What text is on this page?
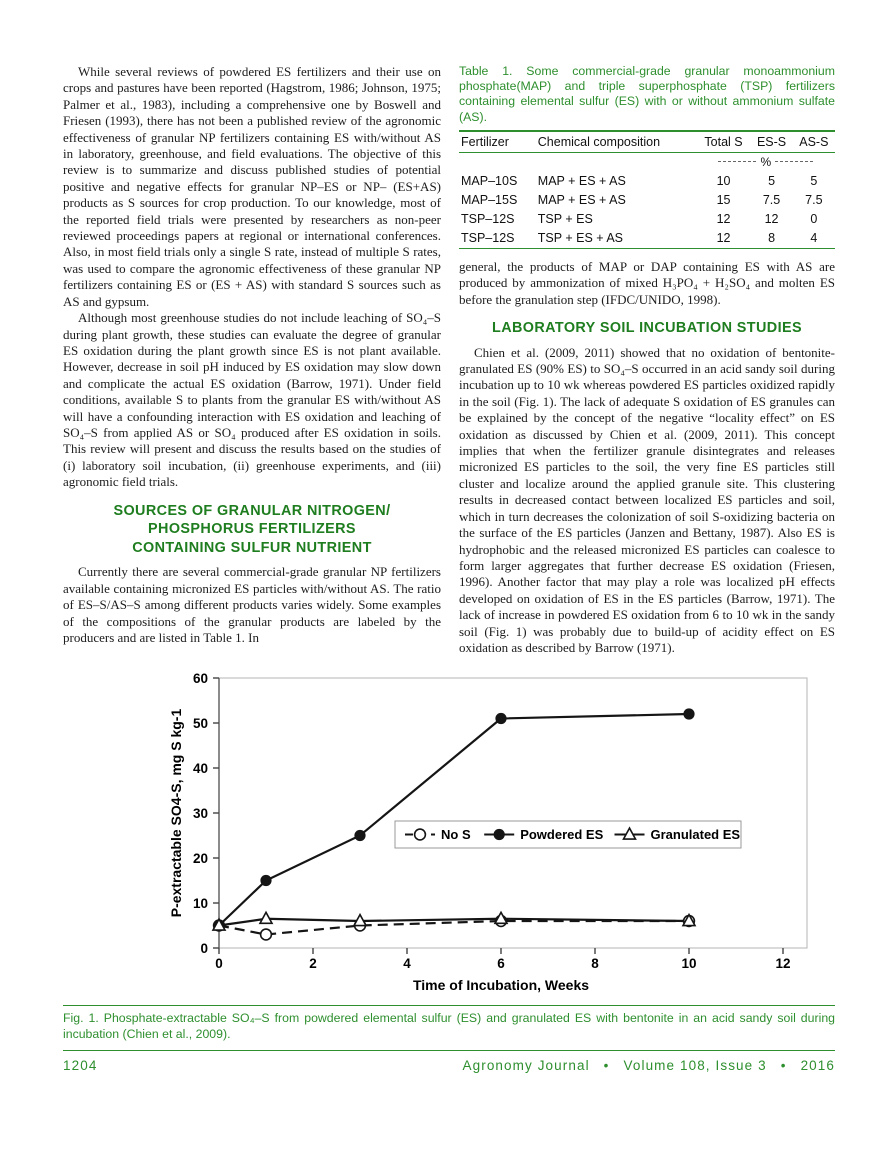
While several reviews of powdered ES fertilizers and their use on crops and pastures have been reported (Hagstrom, 1986; Johnson, 1975; Palmer et al., 1983), including a comprehensive one by Boswell and Friesen (1993), there has not been a published review of the agronomic effectiveness of granular NP fertilizers containing ES with/without AS in laboratory, greenhouse, and field evaluations. The objective of this review is to summarize and discuss published studies of potential positive and negative effects for granular NP–ES or NP– (ES+AS) products as S sources for crop production. To our knowledge, most of the reported field trials were presented by researchers as non-peer reviewed proceedings papers at regional or international conferences. Also, in most field trials only a single S rate, instead of multiple S rates, was used to compare the agronomic effectiveness of these granular NP fertilizers containing ES or (ES + AS) with standard S sources such as AS and gypsum.

Although most greenhouse studies do not include leaching of SO₄–S during plant growth, these studies can evaluate the degree of granular ES oxidation during the plant growth since ES is not plant available. However, decrease in soil pH induced by ES oxidation may slow down and complicate the actual ES oxidation (Barrow, 1971). Under field conditions, available S to plants from the granular ES with/without AS will have a confounding interaction with ES oxidation and leaching of SO₄–S from applied AS or SO₄ produced after ES oxidation in soils. This review will present and discuss the results based on the studies of (i) laboratory soil incubation, (ii) greenhouse experiments, and (iii) agronomic field trials.

SOURCES OF GRANULAR NITROGEN/
PHOSPHORUS FERTILIZERS
CONTAINING SULFUR NUTRIENT

Currently there are several commercial-grade granular NP fertilizers available containing micronized ES particles with/without AS. The ratio of ES–S/AS–S among different products varies widely. Some examples of the compositions of the granular products are labeled by the producers and are listed in Table 1. In

Table 1. Some commercial-grade granular monoammonium phosphate(MAP) and triple superphosphate (TSP) fertilizers containing elemental sulfur (ES) with or without ammonium sulfate (AS).

Fertilizer	Chemical composition	Total S	ES-S	AS-S
		%		
MAP–10S	MAP + ES + AS	10	5	5
MAP–15S	MAP + ES + AS	15	7.5	7.5
TSP–12S	TSP + ES	12	12	0
TSP–12S	TSP + ES + AS	12	8	4

general, the products of MAP or DAP containing ES with AS are produced by ammonization of mixed H₃PO₄ + H₂SO₄ and molten ES before the granulation step (IFDC/UNIDO, 1998).

LABORATORY SOIL INCUBATION STUDIES

Chien et al. (2009, 2011) showed that no oxidation of bentonite-granulated ES (90% ES) to SO₄–S occurred in an acid sandy soil during incubation up to 10 wk whereas powdered ES particles oxidized rapidly in the soil (Fig. 1). The lack of adequate S oxidation of ES granules can be explained by the concept of the negative “locality effect” on ES oxidation as discussed by Chien et al. (2009, 2011). This concept implies that when the fertilizer granule disintegrates and releases micronized ES particles to the soil, the very fine ES particles still cluster and localize around the applied granule site. This clustering results in decreased contact between localized ES particles and soil, which in turn decreases the colonization of soil S-oxidizing bacteria on the surface of the ES particles (Janzen and Bettany, 1987). Also ES is hydrophobic and the released micronized ES particles can coalesce to form larger aggregates that further decrease ES oxidation (Friesen, 1996). Another factor that may play a role was localized pH effects developed on oxidation of ES in the ES particles (Barrow, 1971). The lack of increase in powdered ES oxidation from 6 to 10 wk in the sandy soil (Fig. 1) was probably due to build-up of acidity effect on ES oxidation as described by Barrow (1971).

0
10
20
30
40
50
60
0	2	4	6	8	10	12
Time of Incubation, Weeks
P-extractable SO4-S, mg S kg-1	No S	Powdered ES	Granulated ES
Fig. 1. Phosphate-extractable SO₄–S from powdered elemental sulfur (ES) and granulated ES with bentonite in an acid sandy soil during incubation (Chien et al., 2009).
1204	Agronomy Journal • Volume 108, Issue 3 • 2016
